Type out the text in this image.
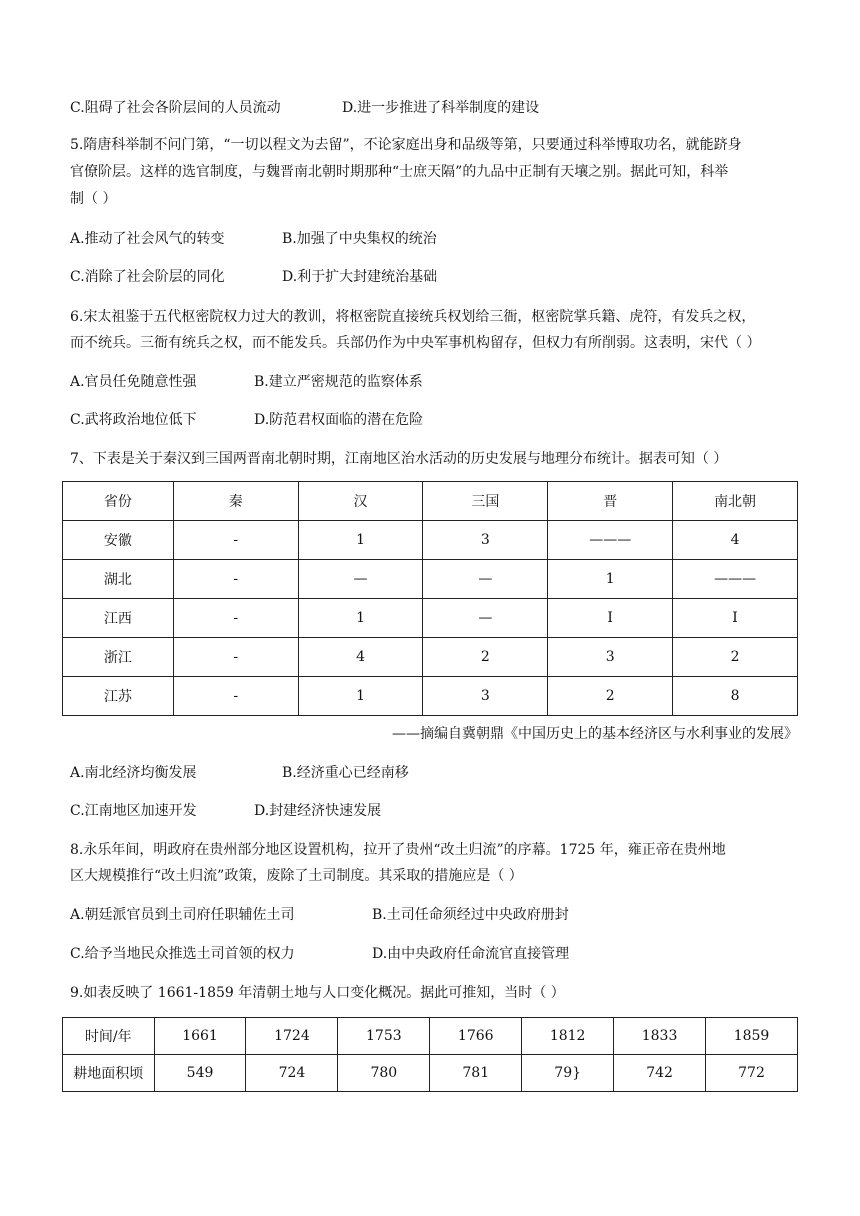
C.阻碍了社会各阶层间的人员流动	D.进一步推进了科举制度的建设
5.隋唐科举制不问门第，“一切以程文为去留”，不论家庭出身和品级等第，只要通过科举博取功名，就能跻身
官僚阶层。这样的选官制度，与魏晋南北朝时期那种“士庶天隔”的九品中正制有天壤之别。据此可知，科举
制（ ）
A.推动了社会风气的转变	B.加强了中央集权的统治
C.消除了社会阶层的同化	D.利于扩大封建统治基础
6.宋太祖鉴于五代枢密院权力过大的教训，将枢密院直接统兵权划给三衙，枢密院掌兵籍、虎符，有发兵之权，
而不统兵。三衙有统兵之权，而不能发兵。兵部仍作为中央军事机构留存，但权力有所削弱。这表明，宋代（ ）
A.官员任免随意性强	B.建立严密规范的监察体系
C.武将政治地位低下	D.防范君权面临的潜在危险
7、下表是关于秦汉到三国两晋南北朝时期，江南地区治水活动的历史发展与地理分布统计。据表可知（ ）
省份	秦	汉	三国	晋	南北朝
安徽	-	1	3	———	4
湖北	-	—	—	1	———
江西	-	1	—	I	I
浙江	-	4	2	3	2
江苏	-	1	3	2	8
——摘编自冀朝鼎《中国历史上的基本经济区与水利事业的发展》
A.南北经济均衡发展	B.经济重心已经南移
C.江南地区加速开发	D.封建经济快速发展
8.永乐年间，明政府在贵州部分地区设置机构，拉开了贵州“改土归流”的序幕。1725 年，雍正帝在贵州地
区大规模推行“改土归流”政策，废除了土司制度。其采取的措施应是（ ）
A.朝廷派官员到土司府任职辅佐土司	B.土司任命须经过中央政府册封
C.给予当地民众推选土司首领的权力	D.由中央政府任命流官直接管理
9.如表反映了 1661-1859 年清朝土地与人口变化概况。据此可推知，当时（ ）
时间/年	1661	1724	1753	1766	1812	1833	1859
耕地面积顷	549	724	780	781	79}	742	772
